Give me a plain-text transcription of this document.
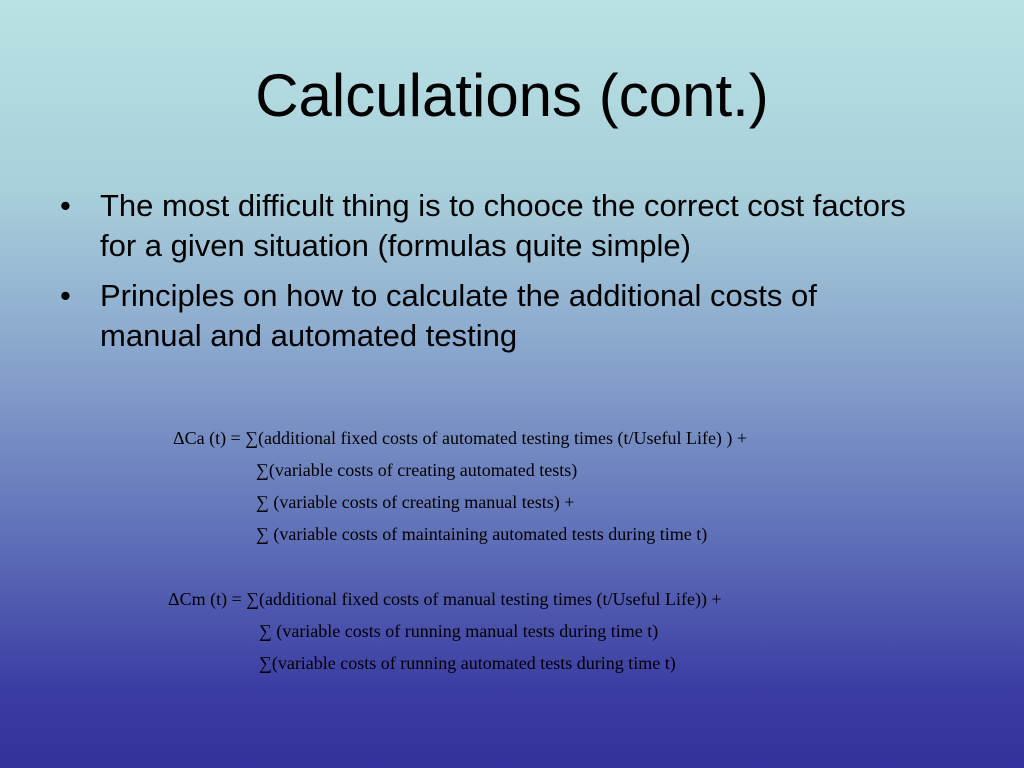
Calculations (cont.)
• The most difficult thing is to chooce the correct cost factors for a given situation (formulas quite simple)
• Principles on how to calculate the additional costs of manual and automated testing
ΔCa (t) = ∑(additional fixed costs of automated testing times (t/Useful Life) ) +
∑(variable costs of creating automated tests)
∑ (variable costs of creating manual tests) +
∑ (variable costs of maintaining automated tests during time t)
ΔCm (t) = ∑(additional fixed costs of manual testing times (t/Useful Life)) +
∑ (variable costs of running manual tests during time t)
∑(variable costs of running automated tests during time t)
